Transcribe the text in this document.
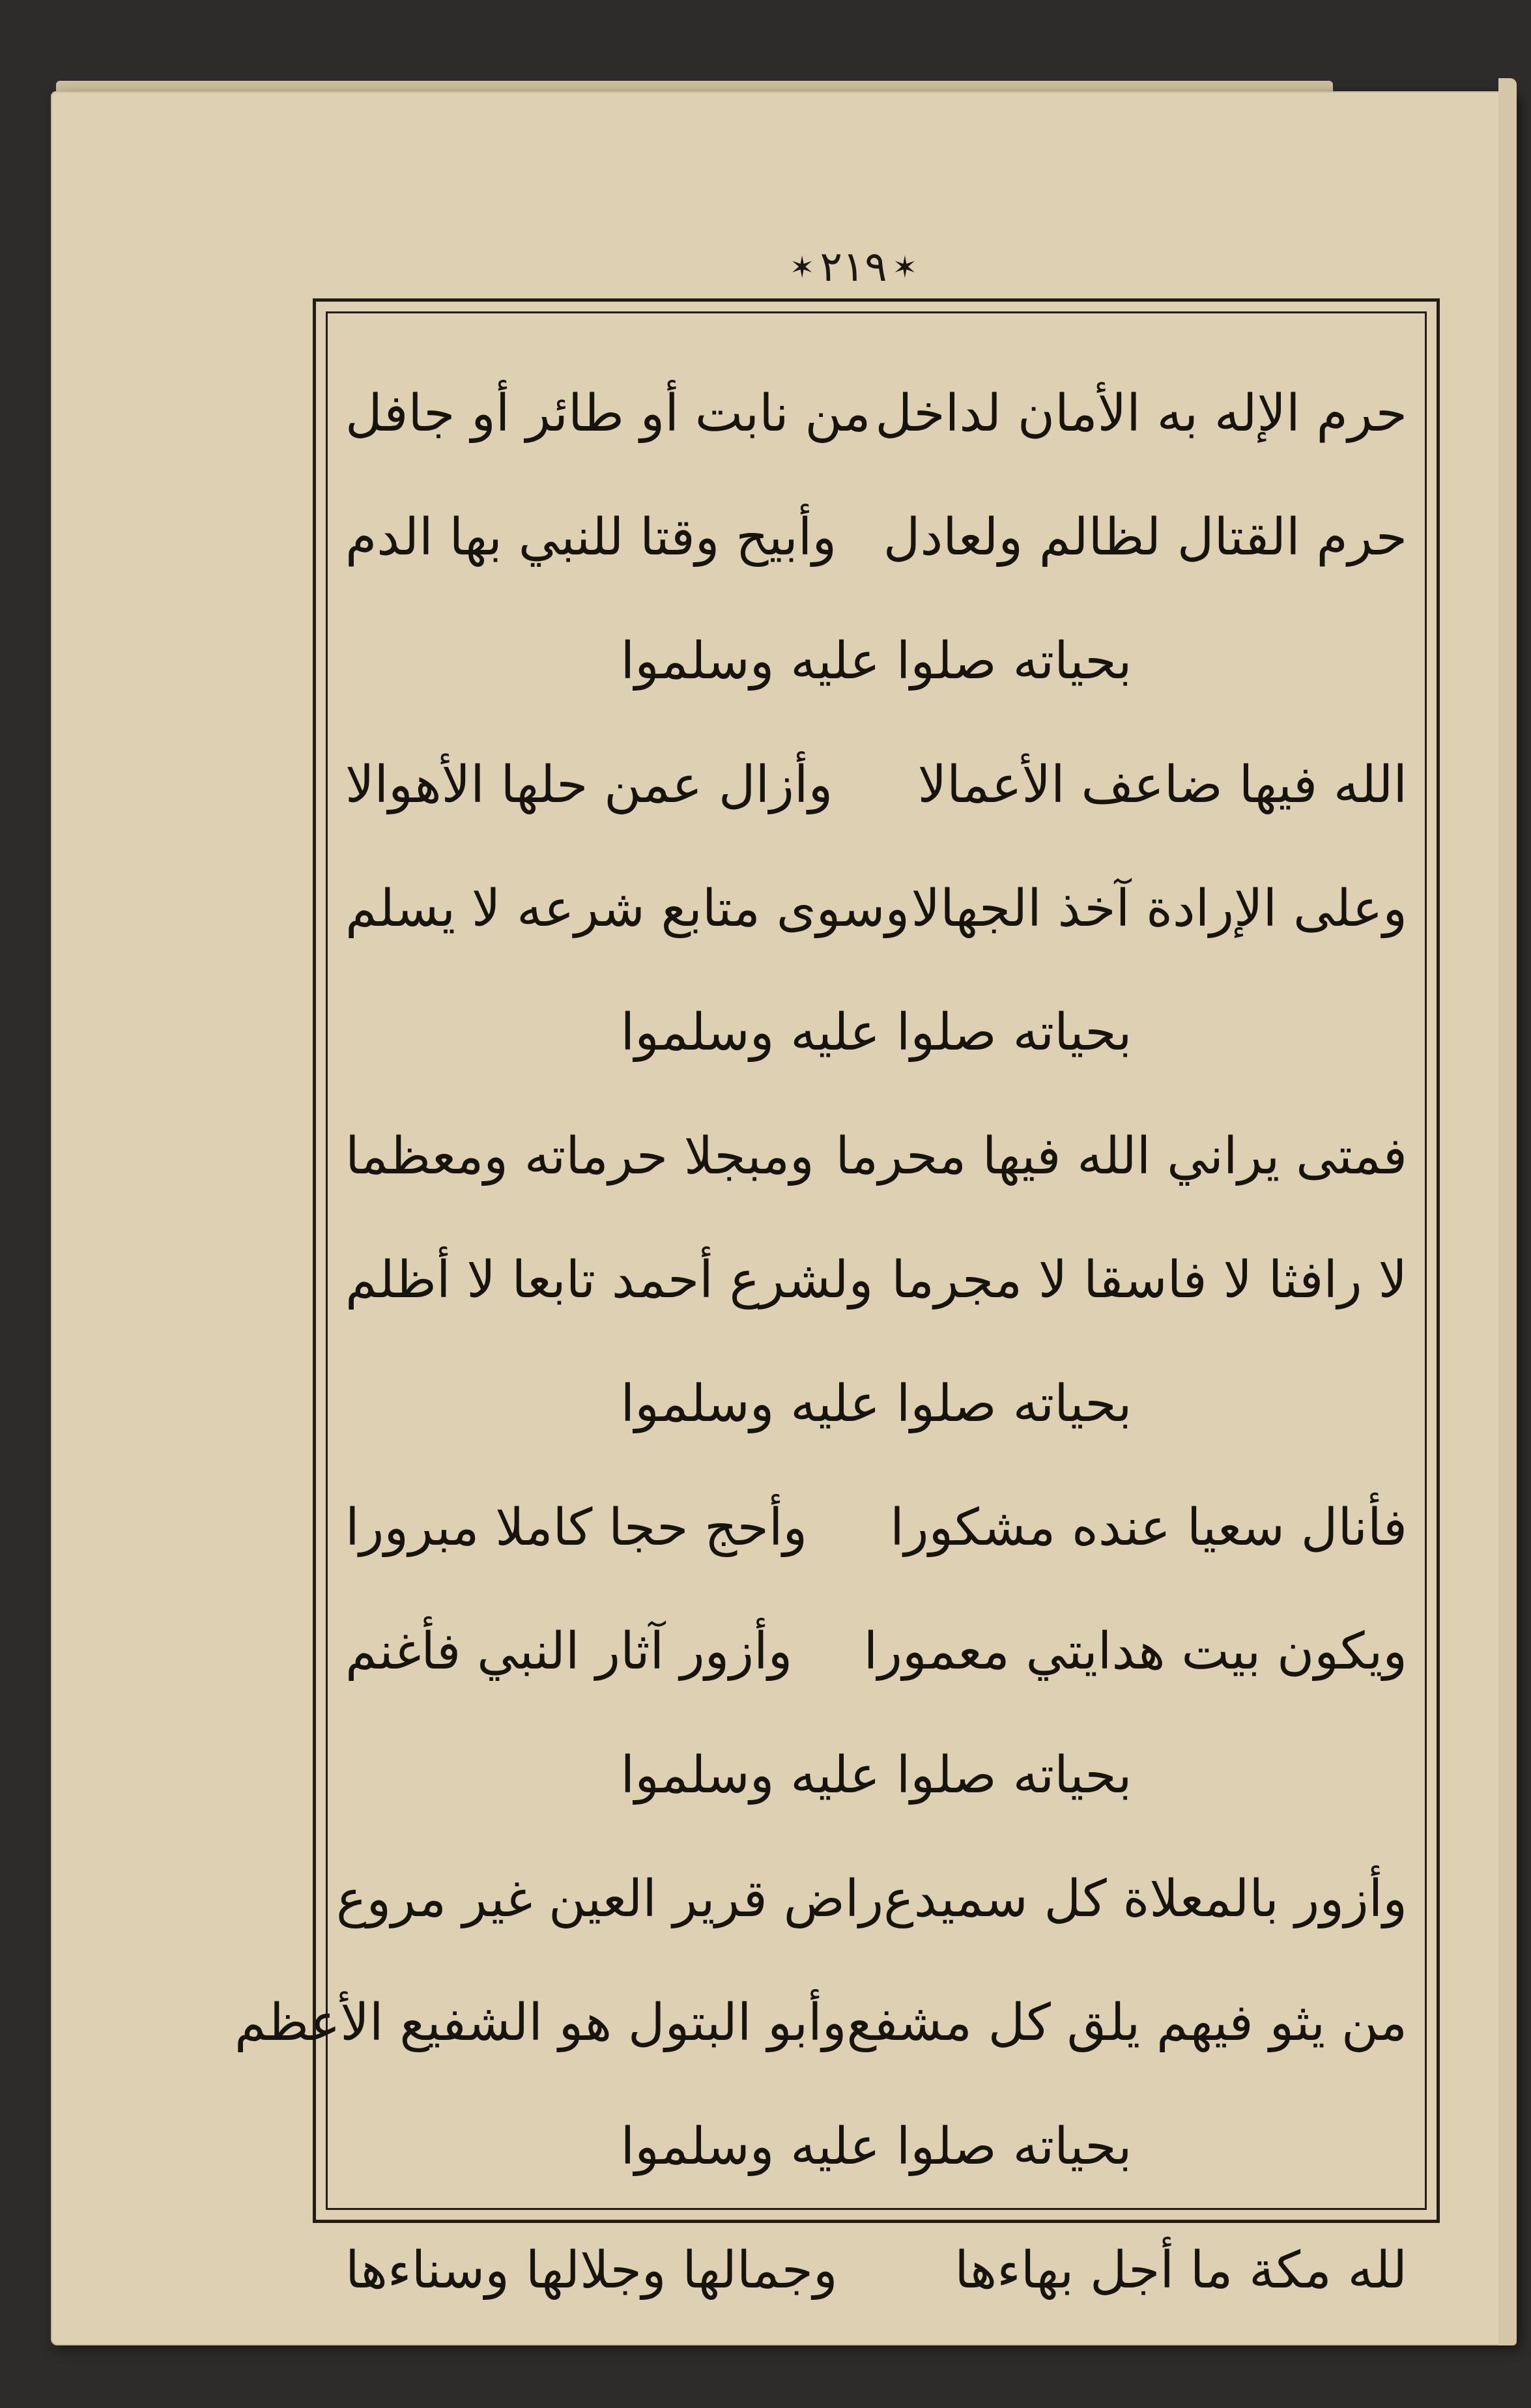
✶ ٢١٩ ✶
حرم الإله به الأمان لداخل
من نابت أو طائر أو جافل
حرم القتال لظالم ولعادل
وأبيح وقتا للنبي بها الدم
بحياته صلوا عليه وسلموا
الله فيها ضاعف الأعمالا
وأزال عمن حلها الأهوالا
وعلى الإرادة آخذ الجهالا
وسوى متابع شرعه لا يسلم
بحياته صلوا عليه وسلموا
فمتى يراني الله فيها محرما
ومبجلا حرماته ومعظما
لا رافثا لا فاسقا لا مجرما
ولشرع أحمد تابعا لا أظلم
بحياته صلوا عليه وسلموا
فأنال سعيا عنده مشكورا
وأحج حجا كاملا مبرورا
ويكون بيت هدايتي معمورا
وأزور آثار النبي فأغنم
بحياته صلوا عليه وسلموا
وأزور بالمعلاة كل سميدع
راض قرير العين غير مروع
من يثو فيهم يلق كل مشفع
وأبو البتول هو الشفيع الأعظم
بحياته صلوا عليه وسلموا
لله مكة ما أجل بهاءها
وجمالها وجلالها وسناءها
